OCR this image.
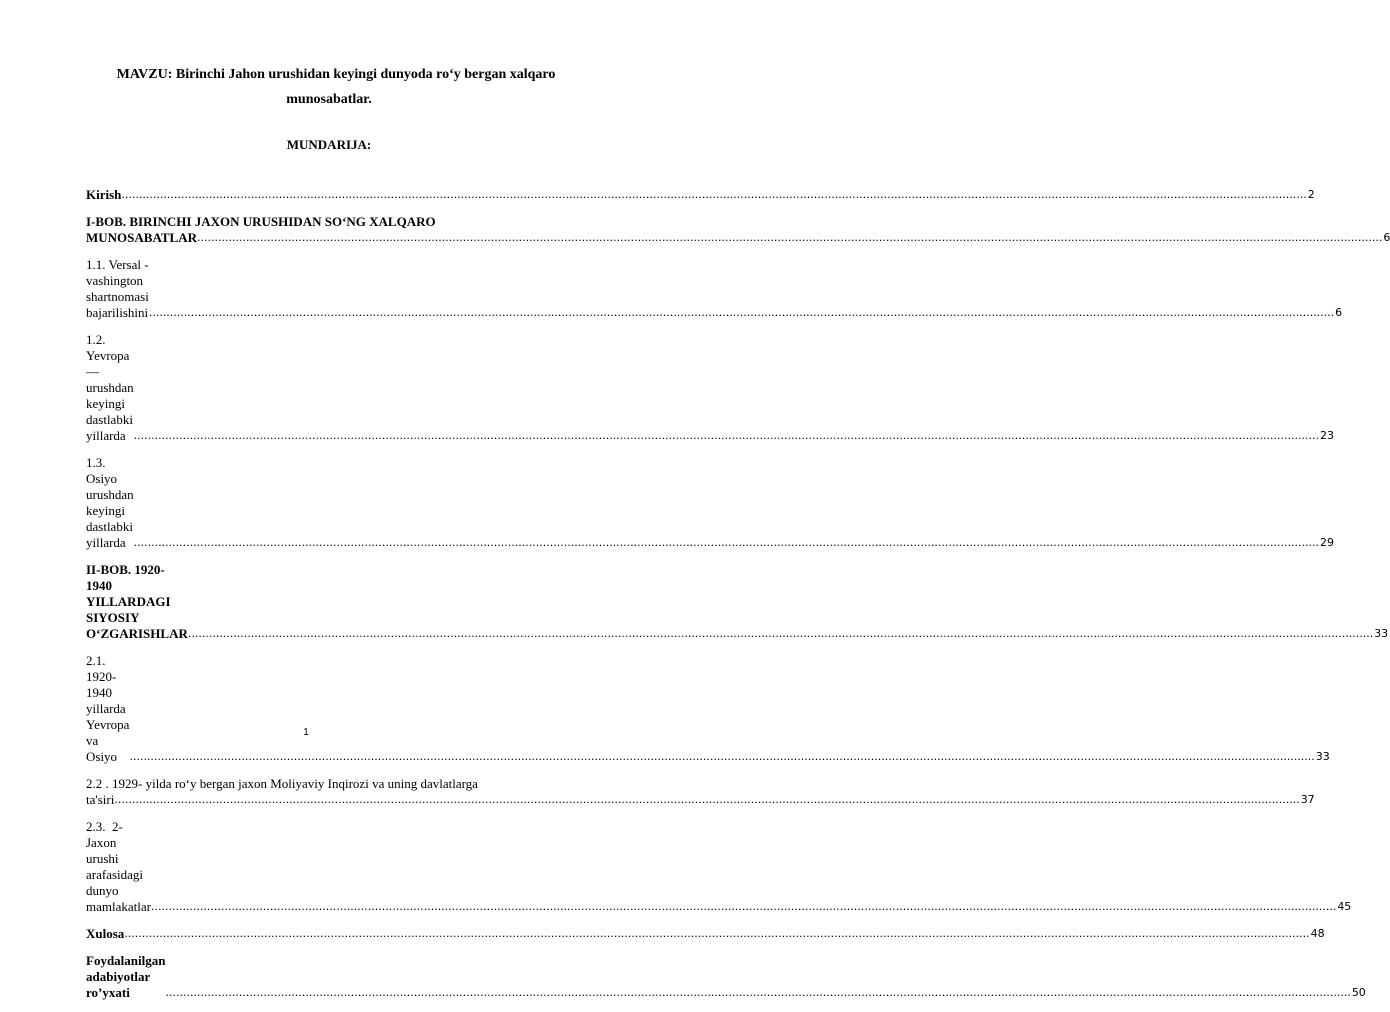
MAVZU: Birinchi Jahon urushidan keyingi dunyoda ro‘y bergan xalqaro
munosabatlar.
MUNDARIJA:
Kirish .....	2
I-BOB. BIRINCHI JAXON URUSHIDAN SO‘NG XALQARO
MUNOSABATLAR .....	6
1.1. Versal - vashington  shartnomasi bajarilishini .....	6
1.2. Yevropa— urushdan keyingi dastlabki yillarda .....	23
1.3. Osiyo urushdan keyingi dastlabki yillarda .....	29
II-BOB. 1920-1940 YILLARDAGI SIYOSIY O‘ZGARISHLAR .....	33
2.1.  1920- 1940 yillarda Yevropa va Osiyo .....	33
2.2 . 1929- yilda ro‘y bergan jaxon Moliyaviy Inqirozi va uning davlatlarga
ta'siri .....	37
2.3.  2-Jaxon  urushi arafasidagi  dunyo mamlakatlar .....	45
Xulosa .....	48
Foydalanilgan adabiyotlar ro’yxati .....	50
1
